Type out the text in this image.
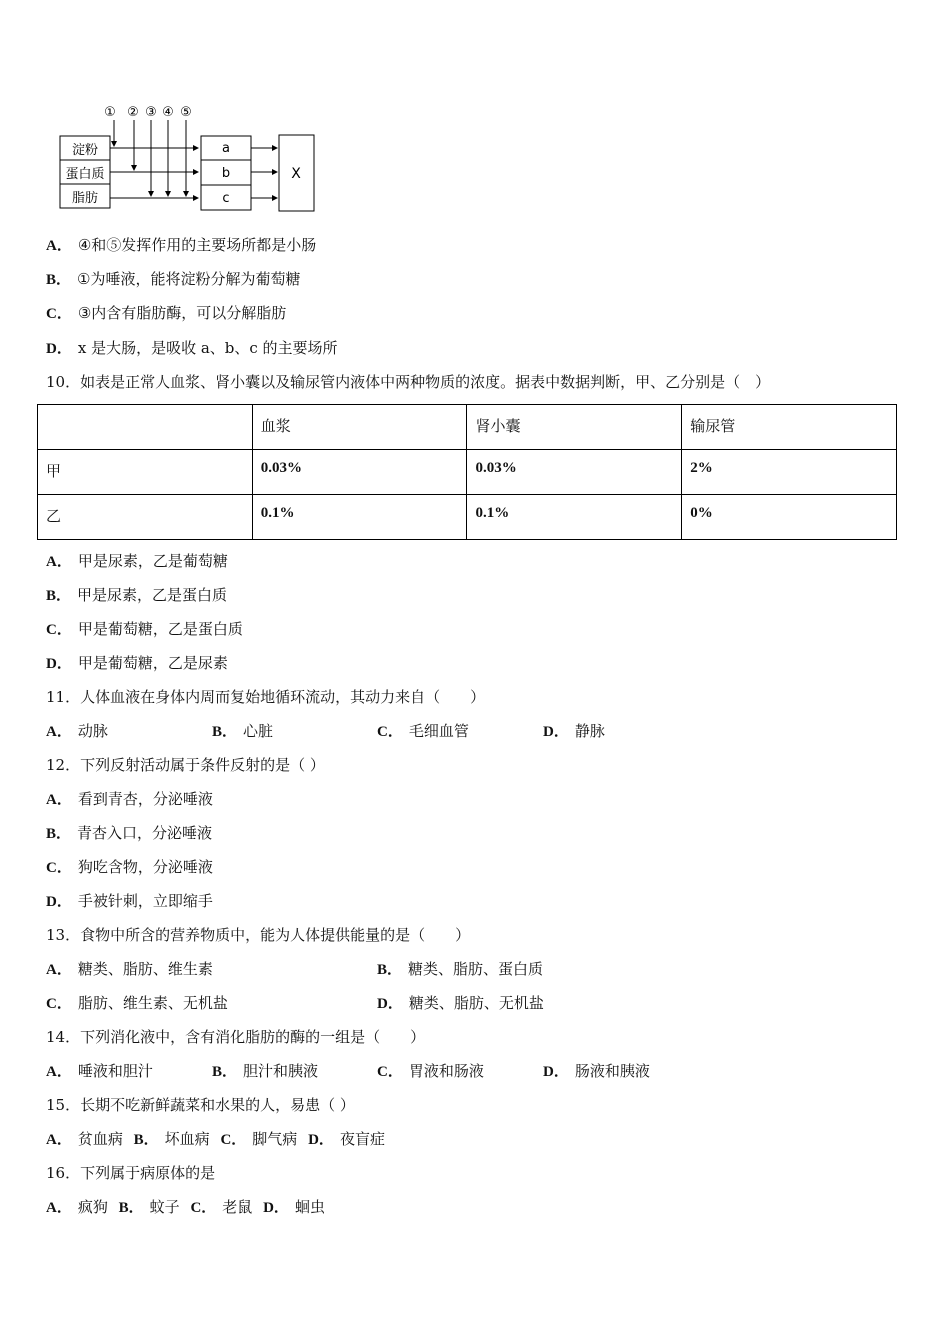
① ② ③ ④ ⑤
淀粉
蛋白质
脂肪
a
b
c
X
A． ④和⑤发挥作用的主要场所都是小肠
B． ①为唾液，能将淀粉分解为葡萄糖
C． ③内含有脂肪酶，可以分解脂肪
D． x 是大肠，是吸收 a、b、c 的主要场所
10．如表是正常人血浆、肾小囊以及输尿管内液体中两种物质的浓度。据表中数据判断，甲、乙分别是（　）
	血浆	肾小囊	输尿管
甲	0.03%	0.03%	2%
乙	0.1%	0.1%	0%
A． 甲是尿素，乙是葡萄糖
B． 甲是尿素，乙是蛋白质
C． 甲是葡萄糖，乙是蛋白质
D． 甲是葡萄糖，乙是尿素
11．人体血液在身体内周而复始地循环流动，其动力来自（　　）
A． 动脉	B． 心脏	C． 毛细血管	D． 静脉
12．下列反射活动属于条件反射的是（ ）
A． 看到青杏，分泌唾液
B． 青杏入口，分泌唾液
C． 狗吃含物，分泌唾液
D． 手被针刺，立即缩手
13．食物中所含的营养物质中，能为人体提供能量的是（　　）
A． 糖类、脂肪、维生素	B． 糖类、脂肪、蛋白质
C． 脂肪、维生素、无机盐	D． 糖类、脂肪、无机盐
14．下列消化液中，含有消化脂肪的酶的一组是（　　）
A． 唾液和胆汁	B． 胆汁和胰液	C． 胃液和肠液	D． 肠液和胰液
15．长期不吃新鲜蔬菜和水果的人，易患（ ）
A． 贫血病 B． 坏血病 C． 脚气病 D． 夜盲症
16．下列属于病原体的是
A． 疯狗 B． 蚊子 C． 老鼠 D． 蛔虫
